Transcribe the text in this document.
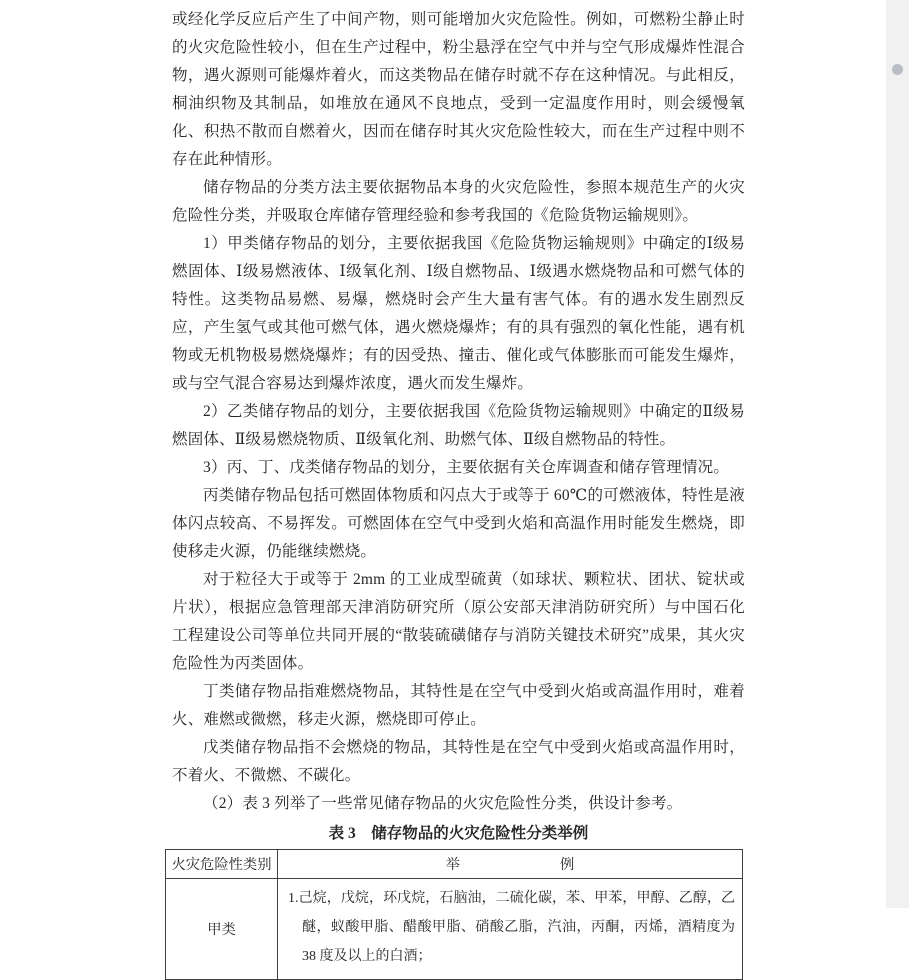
或经化学反应后产生了中间产物，则可能增加火灾危险性。例如，可燃粉尘静止时的火灾危险性较小，但在生产过程中，粉尘悬浮在空气中并与空气形成爆炸性混合物，遇火源则可能爆炸着火，而这类物品在储存时就不存在这种情况。与此相反，桐油织物及其制品，如堆放在通风不良地点，受到一定温度作用时，则会缓慢氧化、积热不散而自燃着火，因而在储存时其火灾危险性较大，而在生产过程中则不存在此种情形。
储存物品的分类方法主要依据物品本身的火灾危险性，参照本规范生产的火灾危险性分类，并吸取仓库储存管理经验和参考我国的《危险货物运输规则》。
1）甲类储存物品的划分，主要依据我国《危险货物运输规则》中确定的Ⅰ级易燃固体、Ⅰ级易燃液体、Ⅰ级氧化剂、Ⅰ级自燃物品、Ⅰ级遇水燃烧物品和可燃气体的特性。这类物品易燃、易爆，燃烧时会产生大量有害气体。有的遇水发生剧烈反应，产生氢气或其他可燃气体，遇火燃烧爆炸；有的具有强烈的氧化性能，遇有机物或无机物极易燃烧爆炸；有的因受热、撞击、催化或气体膨胀而可能发生爆炸，或与空气混合容易达到爆炸浓度，遇火而发生爆炸。
2）乙类储存物品的划分，主要依据我国《危险货物运输规则》中确定的Ⅱ级易燃固体、Ⅱ级易燃烧物质、Ⅱ级氧化剂、助燃气体、Ⅱ级自燃物品的特性。
3）丙、丁、戊类储存物品的划分，主要依据有关仓库调查和储存管理情况。
丙类储存物品包括可燃固体物质和闪点大于或等于 60℃的可燃液体，特性是液体闪点较高、不易挥发。可燃固体在空气中受到火焰和高温作用时能发生燃烧，即使移走火源，仍能继续燃烧。
对于粒径大于或等于 2mm 的工业成型硫黄（如球状、颗粒状、团状、锭状或片状），根据应急管理部天津消防研究所（原公安部天津消防研究所）与中国石化工程建设公司等单位共同开展的“散装硫磺储存与消防关键技术研究”成果，其火灾危险性为丙类固体。
丁类储存物品指难燃烧物品，其特性是在空气中受到火焰或高温作用时，难着火、难燃或微燃，移走火源，燃烧即可停止。
戊类储存物品指不会燃烧的物品，其特性是在空气中受到火焰或高温作用时，不着火、不微燃、不碳化。
（2）表 3 列举了一些常见储存物品的火灾危险性分类，供设计参考。
表 3　储存物品的火灾危险性分类举例
火灾危险性类别	举　　　　　　　例
甲类	1.己烷，戊烷，环戊烷，石脑油，二硫化碳，苯、甲苯，甲醇、乙醇，乙醚，蚁酸甲脂、醋酸甲脂、硝酸乙脂，汽油，丙酮，丙烯，酒精度为 38 度及以上的白酒；
